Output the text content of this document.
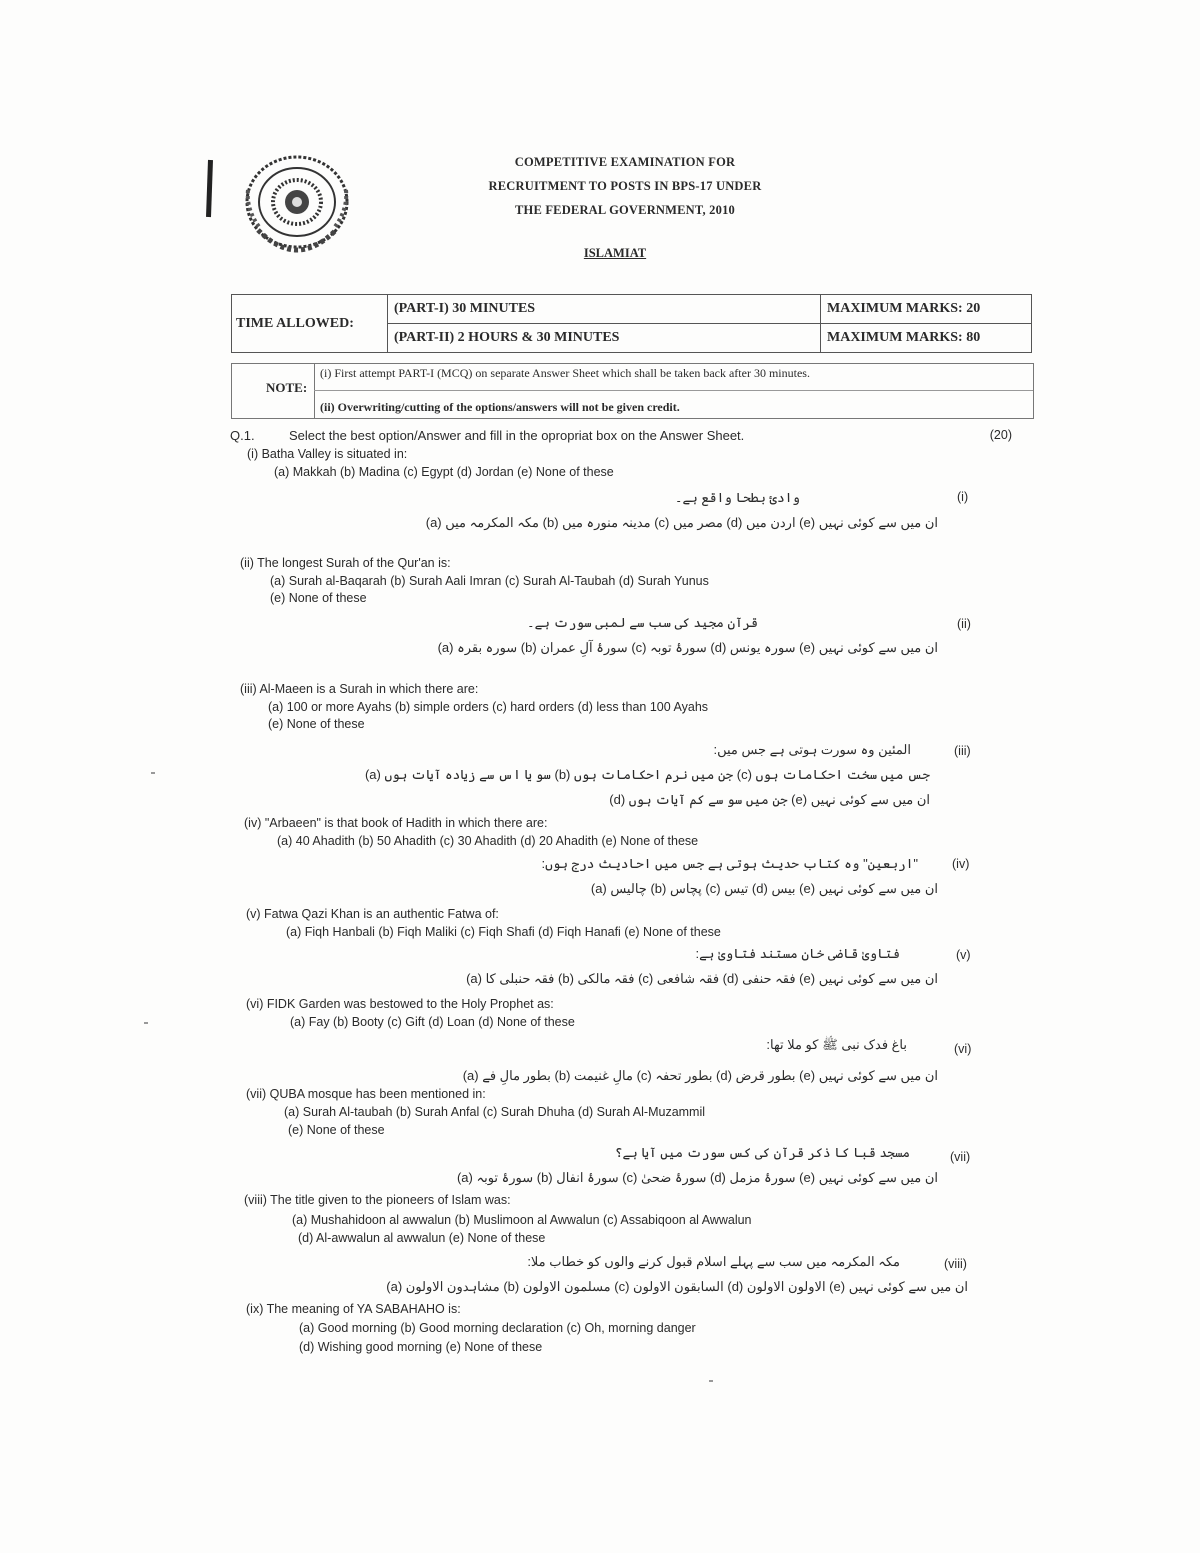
COMPETITIVE EXAMINATION FOR
RECRUITMENT TO POSTS IN BPS-17 UNDER
THE FEDERAL GOVERNMENT, 2010
ISLAMIAT
TIME ALLOWED:	(PART-I) 30 MINUTES	MAXIMUM MARKS: 20
	(PART-II) 2 HOURS & 30 MINUTES	MAXIMUM MARKS: 80
NOTE:
(i) First attempt PART-I (MCQ) on separate Answer Sheet which shall be taken back after 30 minutes.
(ii) Overwriting/cutting of the options/answers will not be given credit.
Q.1.	Select the best option/Answer and fill in the opropriat box on the Answer Sheet.	(20)
(i) Batha Valley is situated in:
(a) Makkah (b) Madina (c) Egypt (d) Jordan (e) None of these
وادیٔ بطحا واقع ہے۔	(i)
(a) مکہ المکرمہ میں (b) مدینہ منورہ میں (c) مصر میں (d) اردن میں (e) ان میں سے کوئی نہیں
(ii) The longest Surah of the Qur'an is:
(a) Surah al-Baqarah (b) Surah Aali Imran (c) Surah Al-Taubah (d) Surah Yunus
(e) None of these
قرآن مجید کی سب سے لمبی سورت ہے۔	(ii)
(a) سورہ بقرہ (b) سورۂ آلِ عمران (c) سورۂ توبہ (d) سورہ یونس (e) ان میں سے کوئی نہیں
(iii) Al-Maeen is a Surah in which there are:
(a) 100 or more Ayahs (b) simple orders (c) hard orders (d) less than 100 Ayahs
(e) None of these
المئین وہ سورت ہوتی ہے جس میں:	(iii)
(a) سو یا اس سے زیادہ آیات ہوں (b) جن میں نرم احکامات ہوں (c) جس میں سخت احکامات ہوں
(d) جن میں سو سے کم آیات ہوں (e) ان میں سے کوئی نہیں
(iv) "Arbaeen" is that book of Hadith in which there are:
(a) 40 Ahadith (b) 50 Ahadith (c) 30 Ahadith (d) 20 Ahadith (e) None of these
"اربعین" وہ کتاب حدیث ہوتی ہے جس میں احادیث درج ہوں:	(iv)
(a) چالیس (b) پچاس (c) تیس (d) بیس (e) ان میں سے کوئی نہیں
(v) Fatwa Qazi Khan is an authentic Fatwa of:
(a) Fiqh Hanbali (b) Fiqh Maliki (c) Fiqh Shafi (d) Fiqh Hanafi (e) None of these
فتاویٰ قاضی خان مستند فتاویٰ ہے:	(v)
(a) فقہ حنبلی کا (b) فقہ مالکی (c) فقہ شافعی (d) فقہ حنفی (e) ان میں سے کوئی نہیں
(vi) FIDK Garden was bestowed to the Holy Prophet as:
(a) Fay (b) Booty (c) Gift (d) Loan (d) None of these
باغ فدک نبی ﷺ کو ملا تھا:	(vi)
(a) بطور مالِ فے (b) مالِ غنیمت (c) بطور تحفہ (d) بطور قرض (e) ان میں سے کوئی نہیں
(vii) QUBA mosque has been mentioned in:
(a) Surah Al-taubah (b) Surah Anfal (c) Surah Dhuha (d) Surah Al-Muzammil
(e) None of these
مسجد قبا کا ذکر قرآن کی کس سورت میں آیا ہے؟	(vii)
(a) سورۂ توبہ (b) سورۂ انفال (c) سورۂ ضحیٰ (d) سورۂ مزمل (e) ان میں سے کوئی نہیں
(viii) The title given to the pioneers of Islam was:
(a) Mushahidoon al awwalun (b) Muslimoon al Awwalun (c) Assabiqoon al Awwalun
(d) Al-awwalun al awwalun (e) None of these
مکہ المکرمہ میں سب سے پہلے اسلام قبول کرنے والوں کو خطاب ملا:	(viii)
(a) مشاہدون الاولون (b) مسلمون الاولون (c) السابقون الاولون (d) الاولون الاولون (e) ان میں سے کوئی نہیں
(ix) The meaning of YA SABAHAHO is:
(a) Good morning (b) Good morning declaration (c) Oh, morning danger
(d) Wishing good morning (e) None of these
